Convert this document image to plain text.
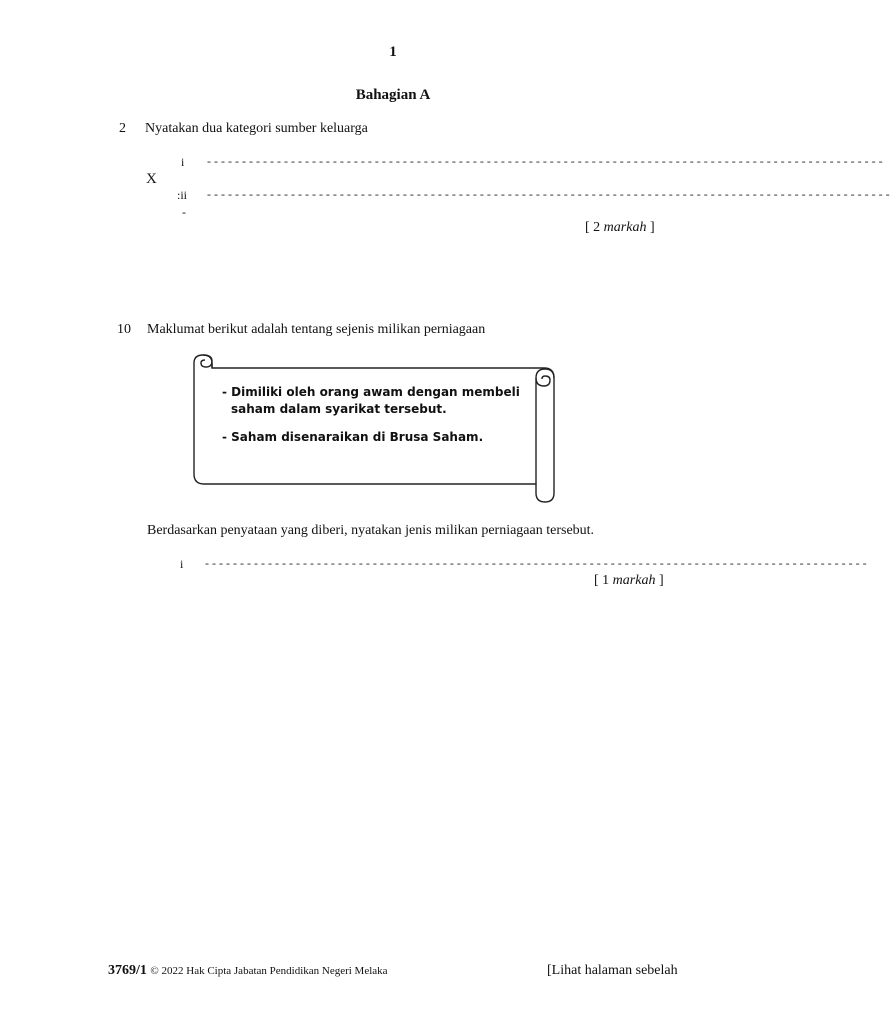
1
Bahagian A
2 Nyatakan dua kategori sumber keluarga
i - - - - - - - - - - - - - - - - - - - - - - - - - - - - - - - - - - - - - - - - - - - - - - - - - - - - - - - - - - - - - - - - - - - - - - - - - - - - - - - - - - - - - - - - - - - - - - - - -
X
:ii - - - - - - - - - - - - - - - - - - - - - - - - - - - - - - - - - - - - - - - - - - - - - - - - - - - - - - - - - - - - - - - - - - - - - - - - - - - - - - - - - - - - - - - - - - - - - - - - - -
-
[ 2 markah ]
10 Maklumat berikut adalah tentang sejenis milikan perniagaan
- Dimiliki oleh orang awam dengan membeli
saham dalam syarikat tersebut.
- Saham disenaraikan di Brusa Saham.
Berdasarkan penyataan yang diberi, nyatakan jenis milikan perniagaan tersebut.
i - - - - - - - - - - - - - - - - - - - - - - - - - - - - - - - - - - - - - - - - - - - - - - - - - - - - - - - - - - - - - - - - - - - - - - - - - - - - - - - - - - - - - - - - - - - - - - -
[ 1 markah ]
3769/1 © 2022 Hak Cipta Jabatan Pendidikan Negeri Melaka	[Lihat halaman sebelah
